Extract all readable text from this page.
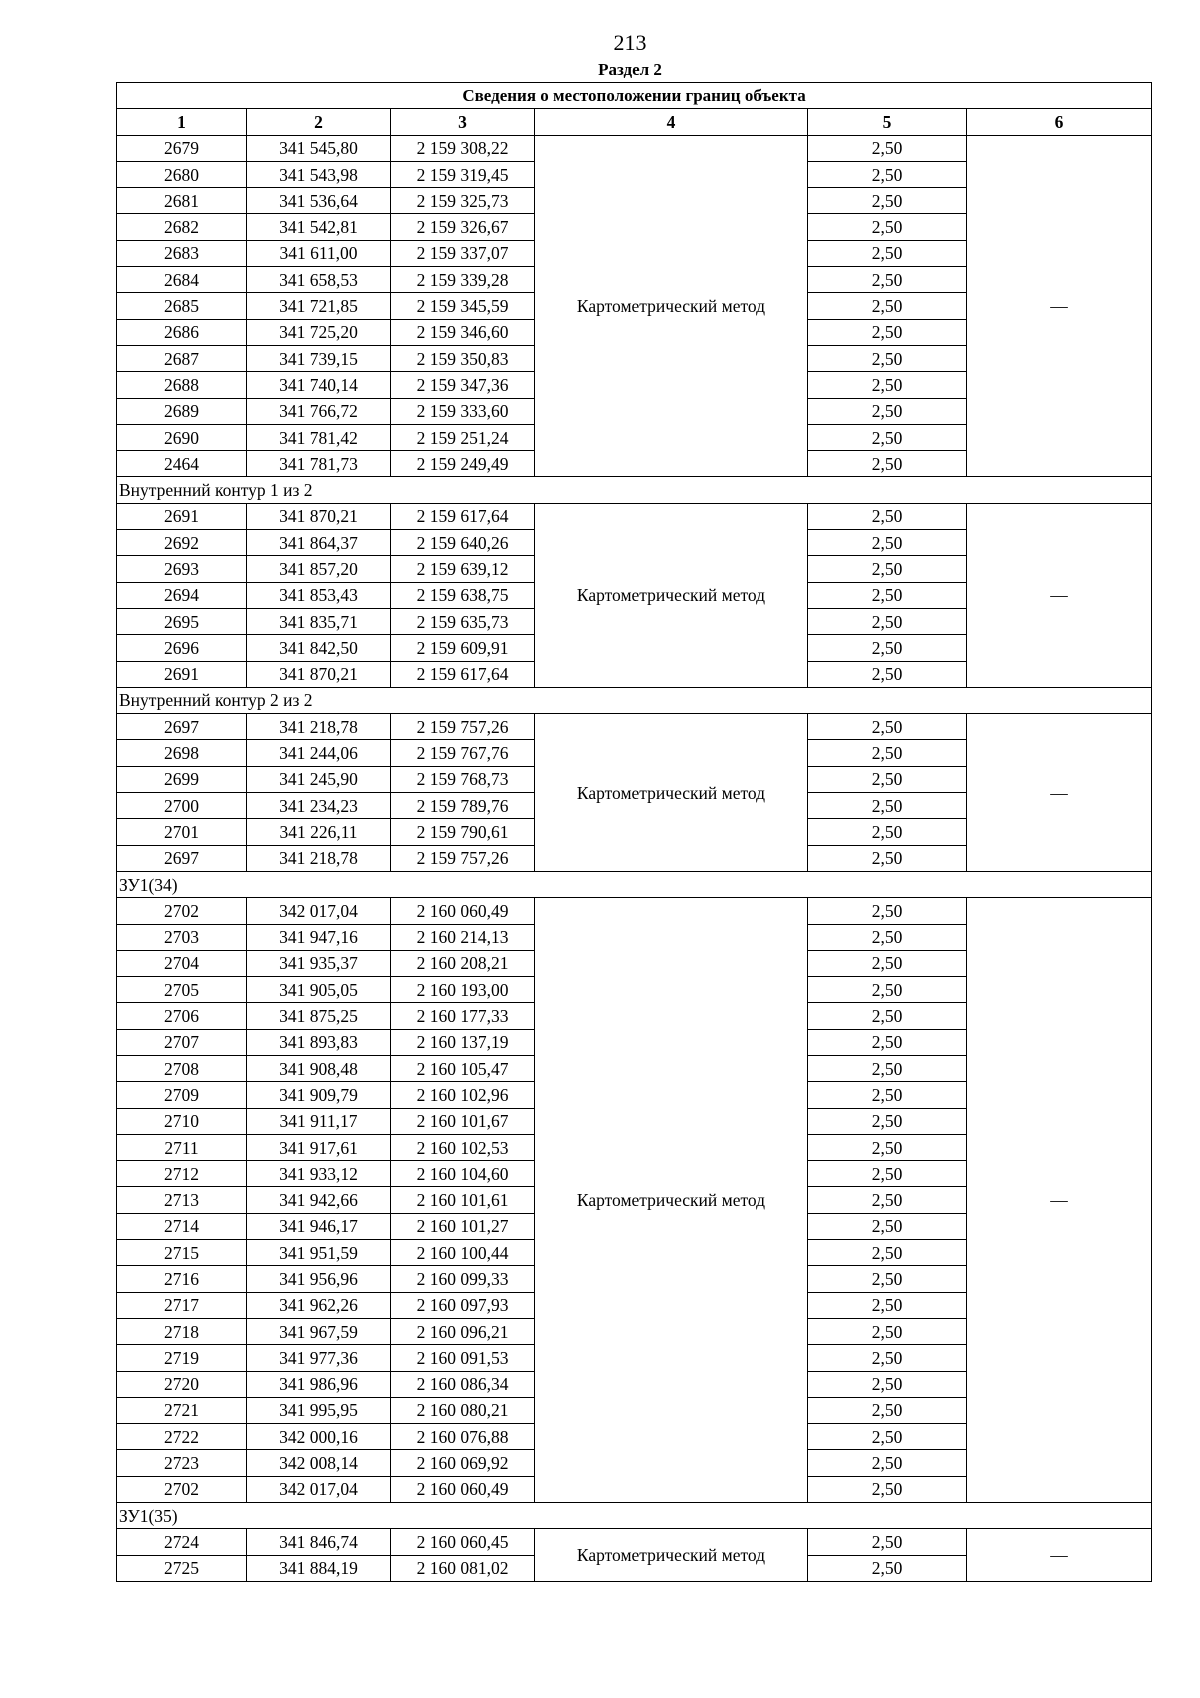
213
Раздел 2
Сведения о местоположении границ объекта					
1	2	3	4	5	6
2679	341 545,80	2 159 308,22	Картометрический метод	2,50	—
2680	341 543,98	2 159 319,45		2,50	
2681	341 536,64	2 159 325,73		2,50	
2682	341 542,81	2 159 326,67		2,50	
2683	341 611,00	2 159 337,07		2,50	
2684	341 658,53	2 159 339,28		2,50	
2685	341 721,85	2 159 345,59		2,50	
2686	341 725,20	2 159 346,60		2,50	
2687	341 739,15	2 159 350,83		2,50	
2688	341 740,14	2 159 347,36		2,50	
2689	341 766,72	2 159 333,60		2,50	
2690	341 781,42	2 159 251,24		2,50	
2464	341 781,73	2 159 249,49		2,50	
Внутренний контур 1 из 2					
2691	341 870,21	2 159 617,64	Картометрический метод	2,50	—
2692	341 864,37	2 159 640,26		2,50	
2693	341 857,20	2 159 639,12		2,50	
2694	341 853,43	2 159 638,75		2,50	
2695	341 835,71	2 159 635,73		2,50	
2696	341 842,50	2 159 609,91		2,50	
2691	341 870,21	2 159 617,64		2,50	
Внутренний контур 2 из 2					
2697	341 218,78	2 159 757,26	Картометрический метод	2,50	—
2698	341 244,06	2 159 767,76		2,50	
2699	341 245,90	2 159 768,73		2,50	
2700	341 234,23	2 159 789,76		2,50	
2701	341 226,11	2 159 790,61		2,50	
2697	341 218,78	2 159 757,26		2,50	
ЗУ1(34)					
2702	342 017,04	2 160 060,49	Картометрический метод	2,50	—
2703	341 947,16	2 160 214,13		2,50	
2704	341 935,37	2 160 208,21		2,50	
2705	341 905,05	2 160 193,00		2,50	
2706	341 875,25	2 160 177,33		2,50	
2707	341 893,83	2 160 137,19		2,50	
2708	341 908,48	2 160 105,47		2,50	
2709	341 909,79	2 160 102,96		2,50	
2710	341 911,17	2 160 101,67		2,50	
2711	341 917,61	2 160 102,53		2,50	
2712	341 933,12	2 160 104,60		2,50	
2713	341 942,66	2 160 101,61		2,50	
2714	341 946,17	2 160 101,27		2,50	
2715	341 951,59	2 160 100,44		2,50	
2716	341 956,96	2 160 099,33		2,50	
2717	341 962,26	2 160 097,93		2,50	
2718	341 967,59	2 160 096,21		2,50	
2719	341 977,36	2 160 091,53		2,50	
2720	341 986,96	2 160 086,34		2,50	
2721	341 995,95	2 160 080,21		2,50	
2722	342 000,16	2 160 076,88		2,50	
2723	342 008,14	2 160 069,92		2,50	
2702	342 017,04	2 160 060,49		2,50	
ЗУ1(35)					
2724	341 846,74	2 160 060,45	Картометрический метод	2,50	—
2725	341 884,19	2 160 081,02		2,50	
